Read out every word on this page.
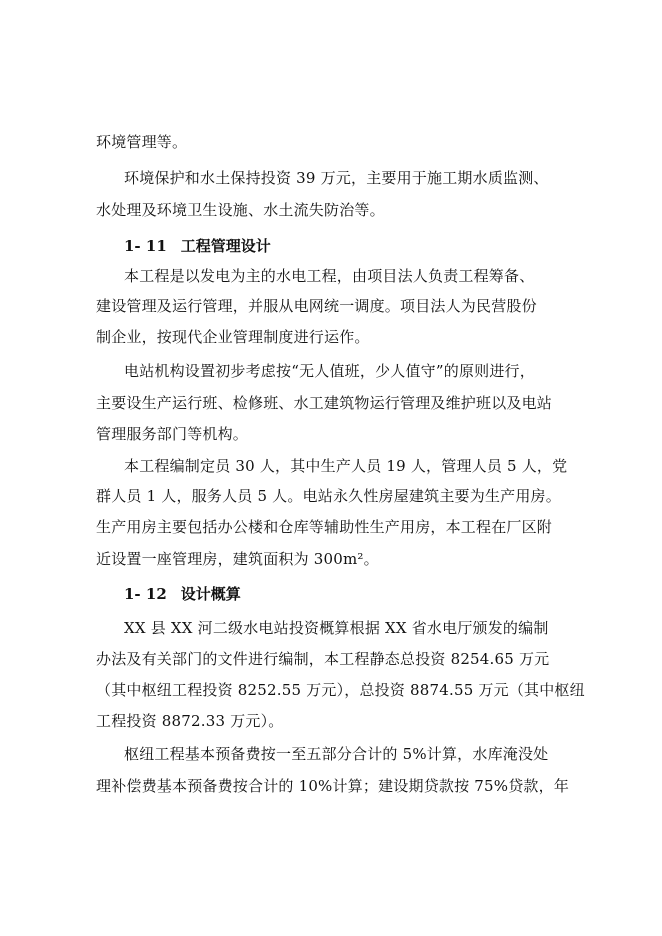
环境管理等。
环境保护和水土保持投资 39 万元，主要用于施工期水质监测、
水处理及环境卫生设施、水土流失防治等。
1- 11 工程管理设计
本工程是以发电为主的水电工程，由项目法人负责工程筹备、
建设管理及运行管理，并服从电网统一调度。项目法人为民营股份
制企业，按现代企业管理制度进行运作。
电站机构设置初步考虑按“无人值班，少人值守”的原则进行，
主要设生产运行班、检修班、水工建筑物运行管理及维护班以及电站
管理服务部门等机构。
本工程编制定员 30 人，其中生产人员 19 人，管理人员 5 人，党
群人员 1 人，服务人员 5 人。电站永久性房屋建筑主要为生产用房。
生产用房主要包括办公楼和仓库等辅助性生产用房，本工程在厂区附
近设置一座管理房，建筑面积为 300m²。
1- 12 设计概算
XX 县 XX 河二级水电站投资概算根据 XX 省水电厅颁发的编制
办法及有关部门的文件进行编制，本工程静态总投资 8254.65 万元
（其中枢纽工程投资 8252.55 万元），总投资 8874.55 万元（其中枢纽
工程投资 8872.33 万元）。
枢纽工程基本预备费按一至五部分合计的 5%计算，水库淹没处
理补偿费基本预备费按合计的 10%计算；建设期贷款按 75%贷款，年
